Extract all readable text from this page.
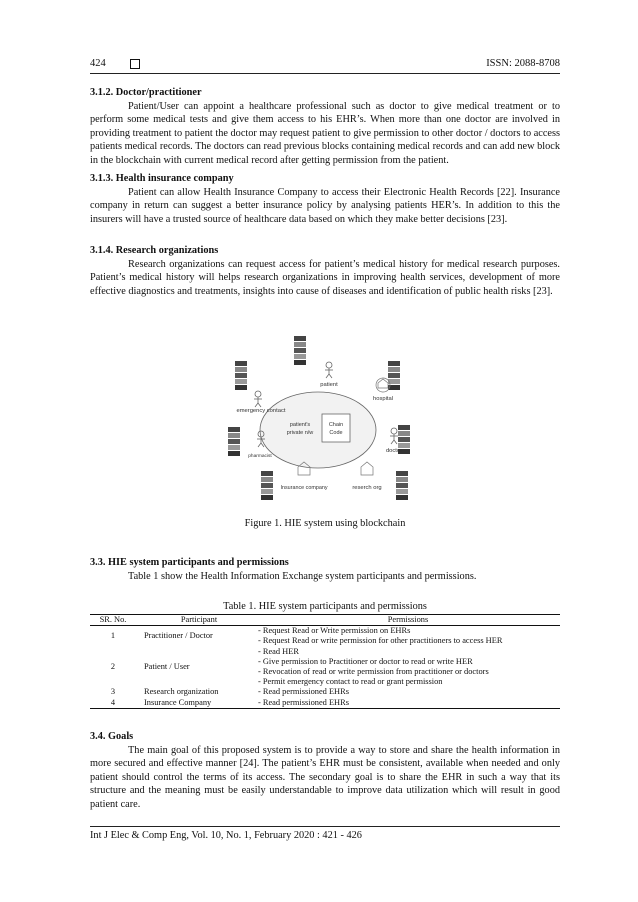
424	ISSN: 2088-8708
3.1.2. Doctor/practitioner

Patient/User can appoint a healthcare professional such as doctor to give medical treatment or to perform some medical tests and give them access to his EHR’s. When more than one doctor are involved in providing treatment to patient the doctor may request patient to give permission to other doctor / doctors to access patients medical records. The doctors can read previous blocks containing medical records and can add new block in the blockchain with current medical record after getting permission from the patient.

3.1.3. Health insurance company

Patient can allow Health Insurance Company to access their Electronic Health Records [22]. Insurance company in return can suggest a better insurance policy by analysing patients HER’s. In addition to this the insurers will have a trusted source of healthcare data based on which they make better decisions [23].

3.1.4. Research organizations

Research organizations can request access for patient’s medical history for medical research purposes. Patient’s medical history will helps research organizations in improving health services, development of more effective diagnostics and treatments, insights into cause of diseases and identification of public health risks [23].

Chain
Code
patient's
private n/w
patient
hospital
emergency contact
pharmacist
doctor
Insurance company	reserch org
Figure 1. HIE system using blockchain
3.3. HIE system participants and permissions

Table 1 show the Health Information Exchange system participants and permissions.

Table 1. HIE system participants and permissions
SR. No.	Participant	Permissions
1	Practitioner / Doctor	- Request Read or Write permission on EHRs
- Request Read or write permission for other practitioners to access HER

2	Patient / User	- Read HER
- Give permission to Practitioner or doctor to read or write HER
- Revocation of read or write permission from practitioner or doctors
- Permit emergency contact to read or grant permission

3	Research organization	- Read permissioned EHRs

4	Insurance Company	- Read permissioned EHRs
3.4. Goals

The main goal of this proposed system is to provide a way to store and share the health information in more secured and effective manner [24]. The patient’s EHR must be consistent, available when needed and only patient should control the terms of its access. The secondary goal is to share the EHR in such a way that its structure and the meaning must be easily understandable to improve data utilization which will result in good patient care.

Int J Elec & Comp Eng, Vol. 10, No. 1, February 2020 : 421 - 426
